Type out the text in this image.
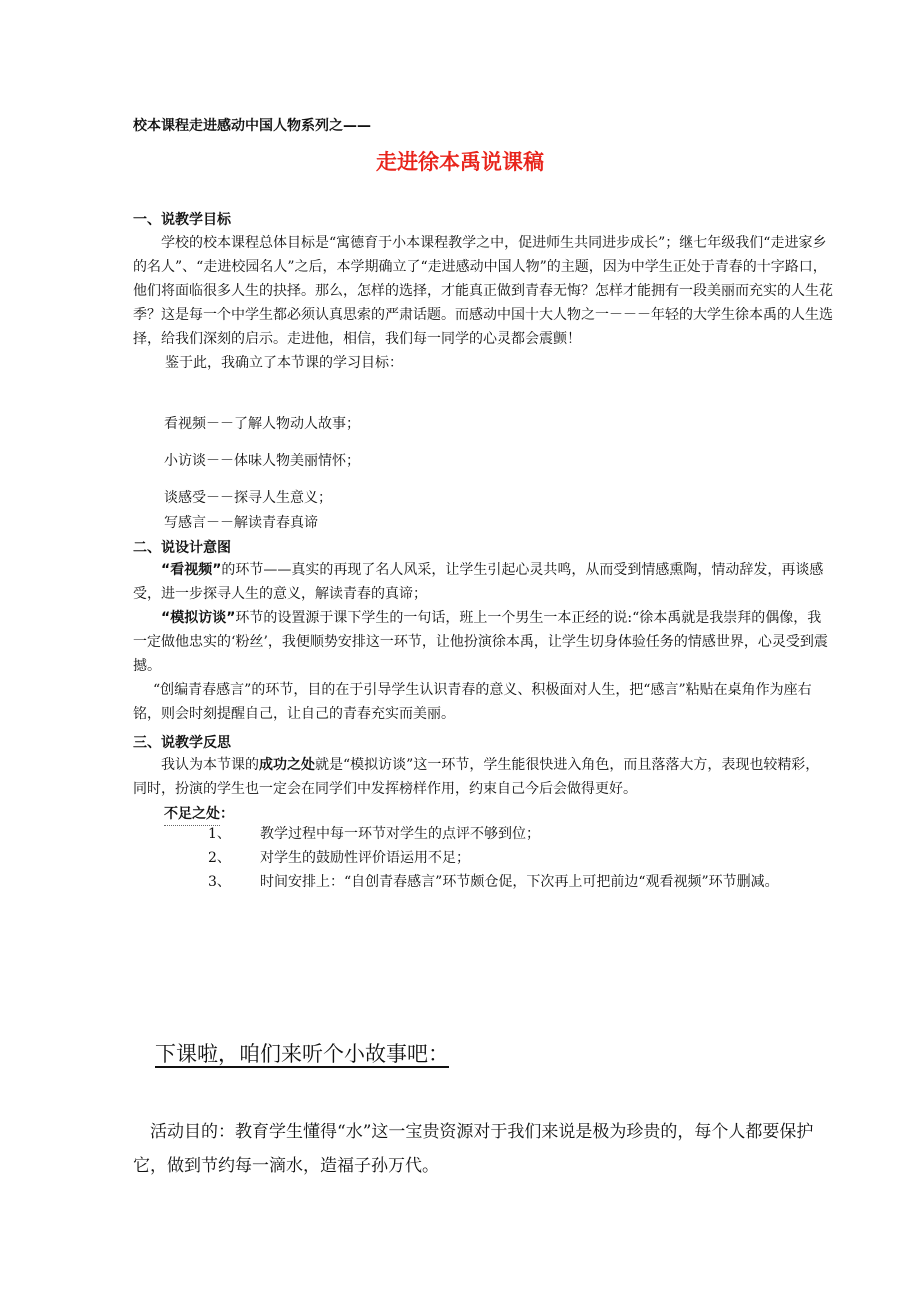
校本课程走进感动中国人物系列之——
走进徐本禹说课稿
一、说教学目标

学校的校本课程总体目标是“寓德育于小本课程教学之中，促进师生共同进步成长”；继七年级我们“走进家乡的名人”、“走进校园名人”之后，本学期确立了“走进感动中国人物”的主题，因为中学生正处于青春的十字路口，他们将面临很多人生的抉择。那么，怎样的选择，才能真正做到青春无悔？怎样才能拥有一段美丽而充实的人生花季？这是每一个中学生都必须认真思索的严肃话题。而感动中国十大人物之一－－－年轻的大学生徐本禹的人生选择，给我们深刻的启示。走进他，相信，我们每一同学的心灵都会震颤！

鉴于此，我确立了本节课的学习目标：

看视频－－了解人物动人故事；
小访谈－－体味人物美丽情怀；
谈感受－－探寻人生意义；
写感言－－解读青春真谛
二、说设计意图

“看视频”的环节——真实的再现了名人风采，让学生引起心灵共鸣，从而受到情感熏陶，情动辞发，再谈感受，进一步探寻人生的意义，解读青春的真谛；

“模拟访谈”环节的设置源于课下学生的一句话，班上一个男生一本正经的说:“徐本禹就是我崇拜的偶像，我一定做他忠实的‘粉丝’，我便顺势安排这一环节，让他扮演徐本禹，让学生切身体验任务的情感世界，心灵受到震撼。

“创编青春感言”的环节，目的在于引导学生认识青春的意义、积极面对人生，把“感言”粘贴在桌角作为座右铭，则会时刻提醒自己，让自己的青春充实而美丽。

三、说教学反思

我认为本节课的成功之处就是“模拟访谈”这一环节，学生能很快进入角色，而且落落大方，表现也较精彩，同时，扮演的学生也一定会在同学们中发挥榜样作用，约束自己今后会做得更好。

不足之处：
1、	教学过程中每一环节对学生的点评不够到位；
2、	对学生的鼓励性评价语运用不足；
3、	时间安排上：“自创青春感言”环节颇仓促，下次再上可把前边“观看视频”环节删减。
下课啦，咱们来听个小故事吧：
活动目的：教育学生懂得“水”这一宝贵资源对于我们来说是极为珍贵的，每个人都要保护它，做到节约每一滴水，造福子孙万代。
